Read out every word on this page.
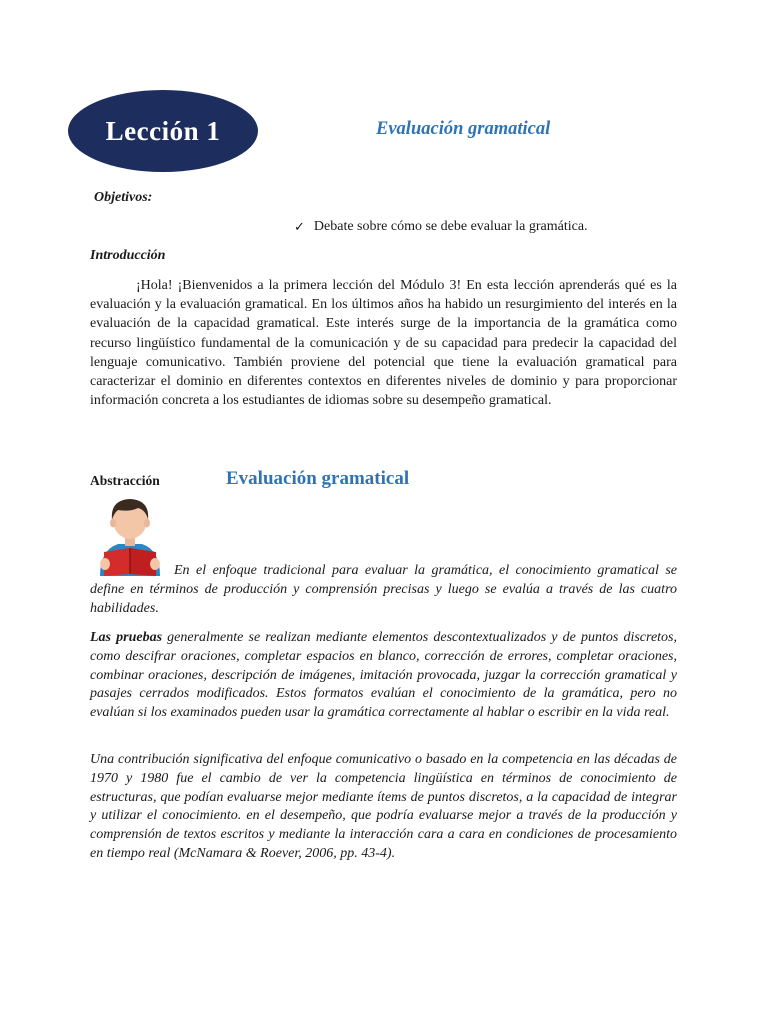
Lección 1	Evaluación gramatical
Objetivos:
✓ Debate sobre cómo se debe evaluar la gramática.
Introducción

¡Hola! ¡Bienvenidos a la primera lección del Módulo 3! En esta lección aprenderás qué es la evaluación y la evaluación gramatical. En los últimos años ha habido un resurgimiento del interés en la evaluación de la capacidad gramatical. Este interés surge de la importancia de la gramática como recurso lingüístico fundamental de la comunicación y de su capacidad para predecir la capacidad del lenguaje comunicativo. También proviene del potencial que tiene la evaluación gramatical para caracterizar el dominio en diferentes contextos en diferentes niveles de dominio y para proporcionar información concreta a los estudiantes de idiomas sobre su desempeño gramatical.

Abstracción	Evaluación gramatical

En el enfoque tradicional para evaluar la gramática, el conocimiento gramatical se define en términos de producción y comprensión precisas y luego se evalúa a través de las cuatro habilidades.

Las pruebas generalmente se realizan mediante elementos descontextualizados y de puntos discretos, como descifrar oraciones, completar espacios en blanco, corrección de errores, completar oraciones, combinar oraciones, descripción de imágenes, imitación provocada, juzgar la corrección gramatical y pasajes cerrados modificados. Estos formatos evalúan el conocimiento de la gramática, pero no evalúan si los examinados pueden usar la gramática correctamente al hablar o escribir en la vida real.

Una contribución significativa del enfoque comunicativo o basado en la competencia en las décadas de 1970 y 1980 fue el cambio de ver la competencia lingüística en términos de conocimiento de estructuras, que podían evaluarse mejor mediante ítems de puntos discretos, a la capacidad de integrar y utilizar el conocimiento. en el desempeño, que podría evaluarse mejor a través de la producción y comprensión de textos escritos y mediante la interacción cara a cara en condiciones de procesamiento en tiempo real (McNamara & Roever, 2006, pp. 43-4).
